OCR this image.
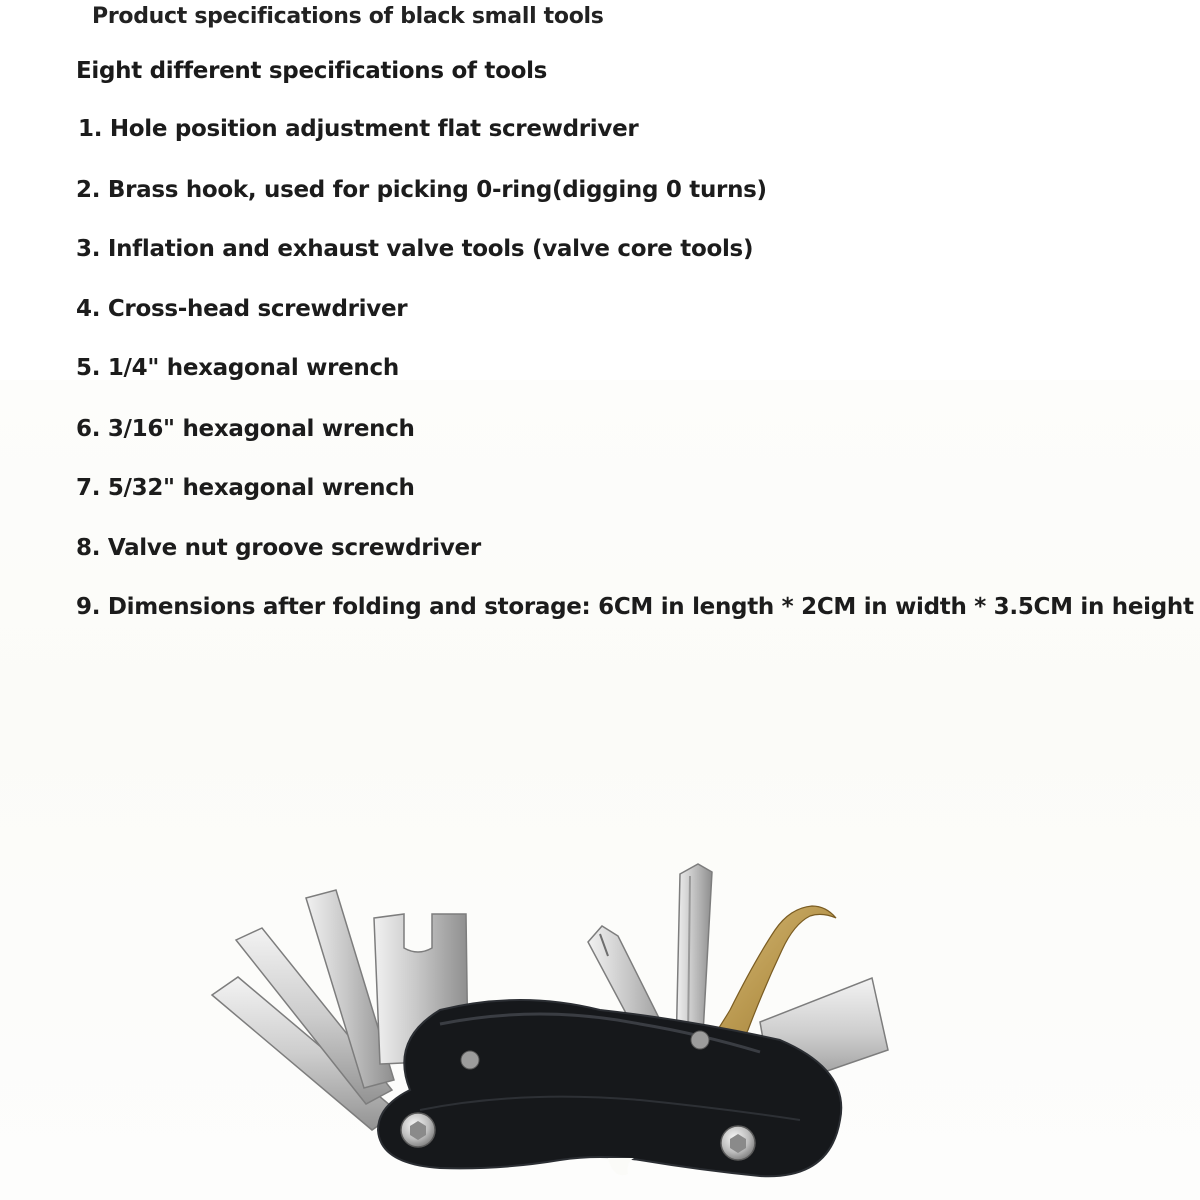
Product specifications of black small tools
Eight different specifications of tools
1. Hole position adjustment flat screwdriver
2. Brass hook, used for picking 0-ring(digging 0 turns)
3. Inflation and exhaust valve tools (valve core tools)
4. Cross-head screwdriver
5. 1/4" hexagonal wrench
6. 3/16" hexagonal wrench
7. 5/32" hexagonal wrench
8. Valve nut groove screwdriver
9. Dimensions after folding and storage: 6CM in length * 2CM in width * 3.5CM in height
